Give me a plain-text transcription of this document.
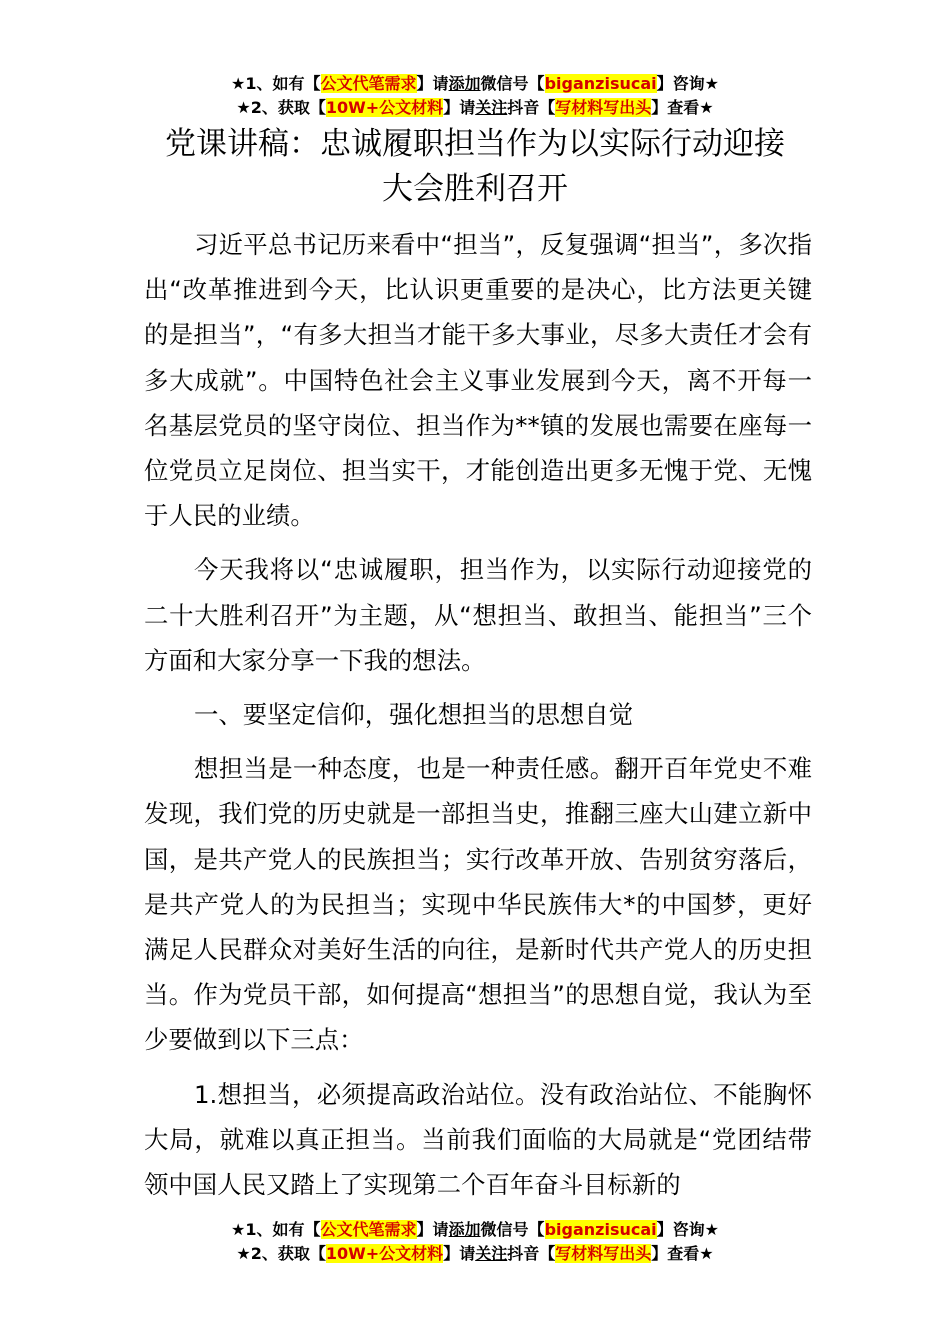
★1、如有【公文代笔需求】请添加微信号【biganzisucai】咨询★
★2、获取【10W+公文材料】请关注抖音【写材料写出头】查看★
党课讲稿：忠诚履职担当作为以实际行动迎接大会胜利召开

习近平总书记历来看中“担当”，反复强调“担当”，多次指出“改革推进到今天，比认识更重要的是决心，比方法更关键的是担当”，“有多大担当才能干多大事业，尽多大责任才会有多大成就”。中国特色社会主义事业发展到今天，离不开每一名基层党员的坚守岗位、担当作为**镇的发展也需要在座每一位党员立足岗位、担当实干，才能创造出更多无愧于党、无愧于人民的业绩。

今天我将以“忠诚履职，担当作为，以实际行动迎接党的二十大胜利召开”为主题，从“想担当、敢担当、能担当”三个方面和大家分享一下我的想法。

一、要坚定信仰，强化想担当的思想自觉

想担当是一种态度，也是一种责任感。翻开百年党史不难发现，我们党的历史就是一部担当史，推翻三座大山建立新中国，是共产党人的民族担当；实行改革开放、告别贫穷落后，是共产党人的为民担当；实现中华民族伟大*的中国梦，更好满足人民群众对美好生活的向往，是新时代共产党人的历史担当。作为党员干部，如何提高“想担当”的思想自觉，我认为至少要做到以下三点：

1.想担当，必须提高政治站位。没有政治站位、不能胸怀大局，就难以真正担当。当前我们面临的大局就是“党团结带领中国人民又踏上了实现第二个百年奋斗目标新的

★1、如有【公文代笔需求】请添加微信号【biganzisucai】咨询★
★2、获取【10W+公文材料】请关注抖音【写材料写出头】查看★
